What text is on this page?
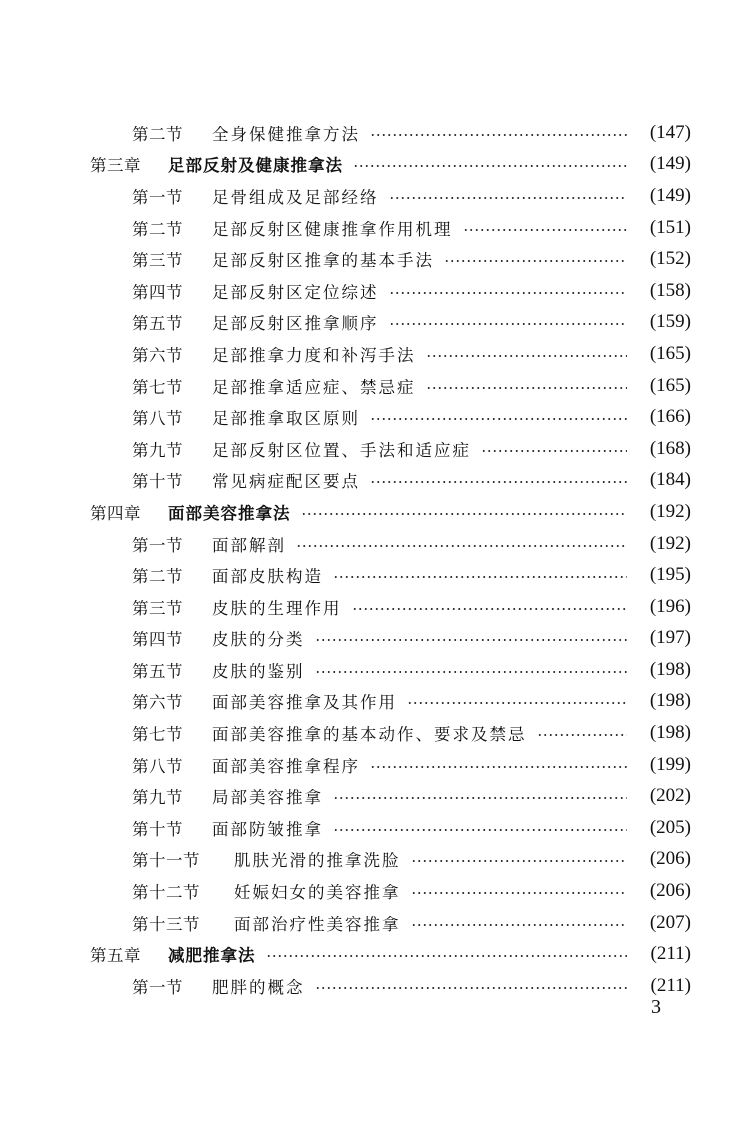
第二节	全身保健推拿方法	(147)
第三章	足部反射及健康推拿法	(149)
第一节	足骨组成及足部经络	(149)
第二节	足部反射区健康推拿作用机理	(151)
第三节	足部反射区推拿的基本手法	(152)
第四节	足部反射区定位综述	(158)
第五节	足部反射区推拿顺序	(159)
第六节	足部推拿力度和补泻手法	(165)
第七节	足部推拿适应症、禁忌症	(165)
第八节	足部推拿取区原则	(166)
第九节	足部反射区位置、手法和适应症	(168)
第十节	常见病症配区要点	(184)
第四章	面部美容推拿法	(192)
第一节	面部解剖	(192)
第二节	面部皮肤构造	(195)
第三节	皮肤的生理作用	(196)
第四节	皮肤的分类	(197)
第五节	皮肤的鉴别	(198)
第六节	面部美容推拿及其作用	(198)
第七节	面部美容推拿的基本动作、要求及禁忌	(198)
第八节	面部美容推拿程序	(199)
第九节	局部美容推拿	(202)
第十节	面部防皱推拿	(205)
第十一节	肌肤光滑的推拿洗脸	(206)
第十二节	妊娠妇女的美容推拿	(206)
第十三节	面部治疗性美容推拿	(207)
第五章	减肥推拿法	(211)
第一节	肥胖的概念	(211)
3
